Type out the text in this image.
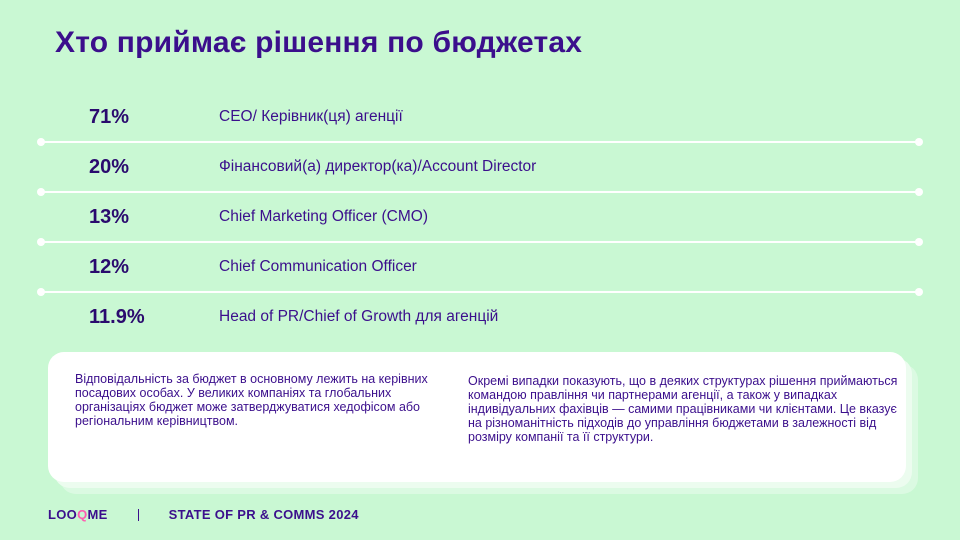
Хто приймає рішення по бюджетах
71%	CEO/ Керівник(ця) агенції
20%	Фінансовий(а) директор(ка)/Account Director
13%	Chief Marketing Officer (CMO)
12%	Chief Communication Officer
11.9%	Head of PR/Chief of Growth для агенцій

Відповідальність за бюджет в основному лежить на керівних посадових особах. У великих компаніях та глобальних організаціях бюджет може затверджуватися хедофісом або регіональним керівництвом.

Окремі випадки показують, що в деяких структурах рішення приймаються командою правління чи партнерами агенції, а також у випадках індивідуальних фахівців — самими працівниками чи клієнтами. Це вказує на різноманітність підходів до управління бюджетами в залежності від розміру компанії та її структури.

LOOQME	STATE OF PR & COMMS 2024
